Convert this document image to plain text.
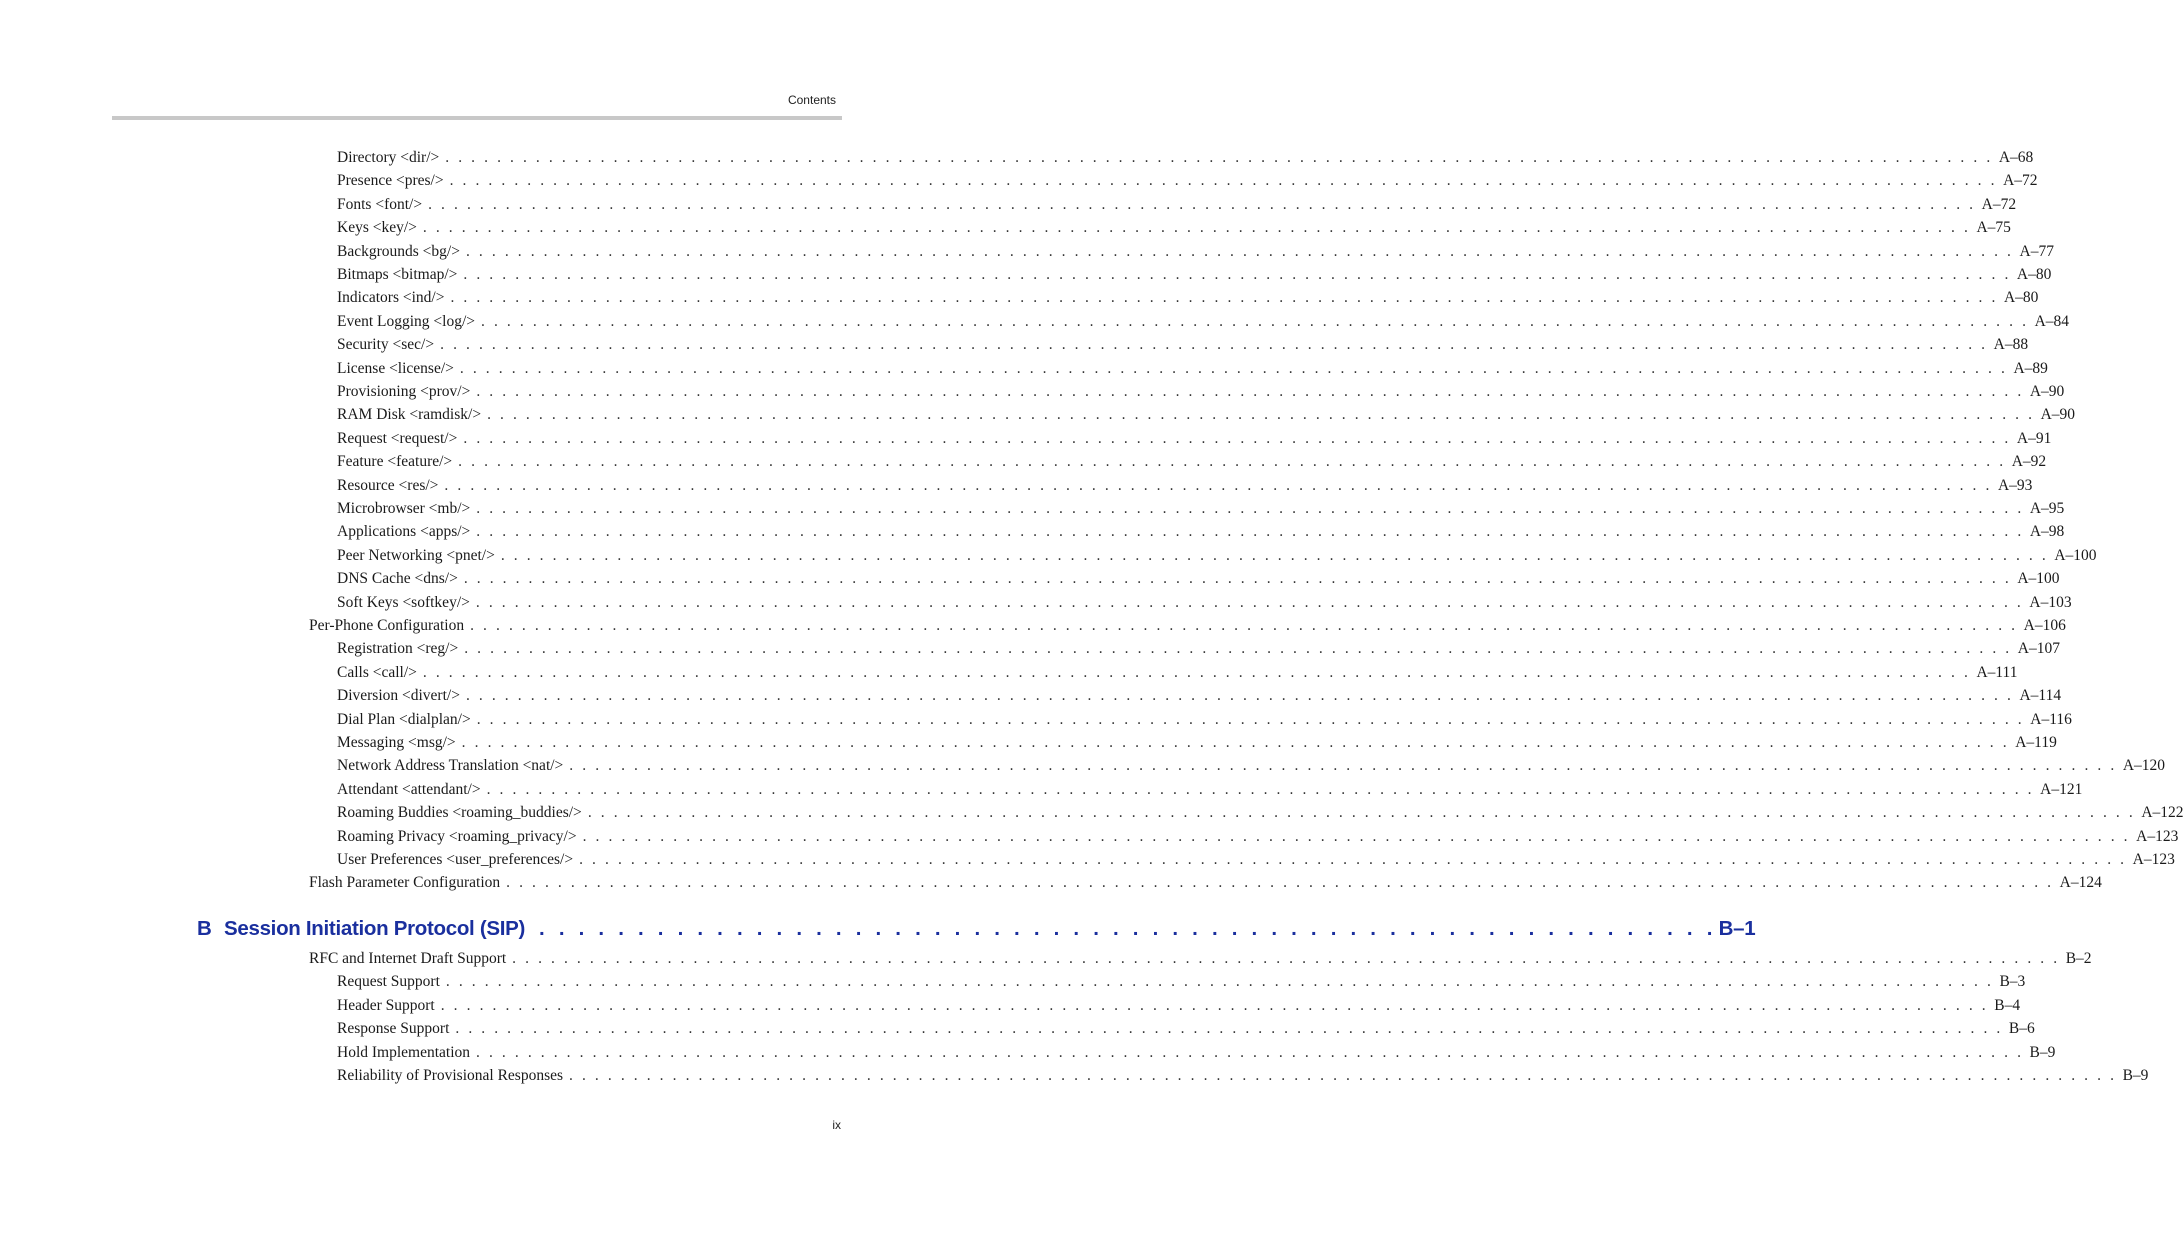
Contents
Directory <dir/> . . . . . . . . . . . . . . . . . . . . . . . . . . . . . . . . . . . . . . . . . . . . . . . . . . . . . . . . . . . . . . . . . . . . . . . . . . . . . . . . . . . . . . . . . . . . . . . . . . . . . . . . . . . . . . . . . . . . . . . . A–68
Presence <pres/> . . . . . . . . . . . . . . . . . . . . . . . . . . . . . . . . . . . . . . . . . . . . . . . . . . . . . . . . . . . . . . . . . . . . . . . . . . . . . . . . . . . . . . . . . . . . . . . . . . . . . . . . . . . . . . . . . . . . . . . . A–72
Fonts <font/> . . . . . . . . . . . . . . . . . . . . . . . . . . . . . . . . . . . . . . . . . . . . . . . . . . . . . . . . . . . . . . . . . . . . . . . . . . . . . . . . . . . . . . . . . . . . . . . . . . . . . . . . . . . . . . . . . . . . . . . . A–72
Keys <key/> . . . . . . . . . . . . . . . . . . . . . . . . . . . . . . . . . . . . . . . . . . . . . . . . . . . . . . . . . . . . . . . . . . . . . . . . . . . . . . . . . . . . . . . . . . . . . . . . . . . . . . . . . . . . . . . . . . . . . . . . A–75
Backgrounds <bg/> . . . . . . . . . . . . . . . . . . . . . . . . . . . . . . . . . . . . . . . . . . . . . . . . . . . . . . . . . . . . . . . . . . . . . . . . . . . . . . . . . . . . . . . . . . . . . . . . . . . . . . . . . . . . . . . . . . . . . . . . A–77
Bitmaps <bitmap/> . . . . . . . . . . . . . . . . . . . . . . . . . . . . . . . . . . . . . . . . . . . . . . . . . . . . . . . . . . . . . . . . . . . . . . . . . . . . . . . . . . . . . . . . . . . . . . . . . . . . . . . . . . . . . . . . . . . . . . . . A–80
Indicators <ind/> . . . . . . . . . . . . . . . . . . . . . . . . . . . . . . . . . . . . . . . . . . . . . . . . . . . . . . . . . . . . . . . . . . . . . . . . . . . . . . . . . . . . . . . . . . . . . . . . . . . . . . . . . . . . . . . . . . . . . . . . A–80
Event Logging <log/> . . . . . . . . . . . . . . . . . . . . . . . . . . . . . . . . . . . . . . . . . . . . . . . . . . . . . . . . . . . . . . . . . . . . . . . . . . . . . . . . . . . . . . . . . . . . . . . . . . . . . . . . . . . . . . . . . . . . . . . . A–84
Security <sec/> . . . . . . . . . . . . . . . . . . . . . . . . . . . . . . . . . . . . . . . . . . . . . . . . . . . . . . . . . . . . . . . . . . . . . . . . . . . . . . . . . . . . . . . . . . . . . . . . . . . . . . . . . . . . . . . . . . . . . . . . A–88
License <license/> . . . . . . . . . . . . . . . . . . . . . . . . . . . . . . . . . . . . . . . . . . . . . . . . . . . . . . . . . . . . . . . . . . . . . . . . . . . . . . . . . . . . . . . . . . . . . . . . . . . . . . . . . . . . . . . . . . . . . . . . A–89
Provisioning <prov/> . . . . . . . . . . . . . . . . . . . . . . . . . . . . . . . . . . . . . . . . . . . . . . . . . . . . . . . . . . . . . . . . . . . . . . . . . . . . . . . . . . . . . . . . . . . . . . . . . . . . . . . . . . . . . . . . . . . . . . . . A–90
RAM Disk <ramdisk/> . . . . . . . . . . . . . . . . . . . . . . . . . . . . . . . . . . . . . . . . . . . . . . . . . . . . . . . . . . . . . . . . . . . . . . . . . . . . . . . . . . . . . . . . . . . . . . . . . . . . . . . . . . . . . . . . . . . . . . . . A–90
Request <request/> . . . . . . . . . . . . . . . . . . . . . . . . . . . . . . . . . . . . . . . . . . . . . . . . . . . . . . . . . . . . . . . . . . . . . . . . . . . . . . . . . . . . . . . . . . . . . . . . . . . . . . . . . . . . . . . . . . . . . . . . A–91
Feature <feature/> . . . . . . . . . . . . . . . . . . . . . . . . . . . . . . . . . . . . . . . . . . . . . . . . . . . . . . . . . . . . . . . . . . . . . . . . . . . . . . . . . . . . . . . . . . . . . . . . . . . . . . . . . . . . . . . . . . . . . . . . A–92
Resource <res/> . . . . . . . . . . . . . . . . . . . . . . . . . . . . . . . . . . . . . . . . . . . . . . . . . . . . . . . . . . . . . . . . . . . . . . . . . . . . . . . . . . . . . . . . . . . . . . . . . . . . . . . . . . . . . . . . . . . . . . . . A–93
Microbrowser <mb/> . . . . . . . . . . . . . . . . . . . . . . . . . . . . . . . . . . . . . . . . . . . . . . . . . . . . . . . . . . . . . . . . . . . . . . . . . . . . . . . . . . . . . . . . . . . . . . . . . . . . . . . . . . . . . . . . . . . . . . . . A–95
Applications <apps/> . . . . . . . . . . . . . . . . . . . . . . . . . . . . . . . . . . . . . . . . . . . . . . . . . . . . . . . . . . . . . . . . . . . . . . . . . . . . . . . . . . . . . . . . . . . . . . . . . . . . . . . . . . . . . . . . . . . . . . . . A–98
Peer Networking <pnet/> . . . . . . . . . . . . . . . . . . . . . . . . . . . . . . . . . . . . . . . . . . . . . . . . . . . . . . . . . . . . . . . . . . . . . . . . . . . . . . . . . . . . . . . . . . . . . . . . . . . . . . . . . . . . . . . . . . . . . . . . A–100
DNS Cache <dns/> . . . . . . . . . . . . . . . . . . . . . . . . . . . . . . . . . . . . . . . . . . . . . . . . . . . . . . . . . . . . . . . . . . . . . . . . . . . . . . . . . . . . . . . . . . . . . . . . . . . . . . . . . . . . . . . . . . . . . . . . A–100
Soft Keys <softkey/> . . . . . . . . . . . . . . . . . . . . . . . . . . . . . . . . . . . . . . . . . . . . . . . . . . . . . . . . . . . . . . . . . . . . . . . . . . . . . . . . . . . . . . . . . . . . . . . . . . . . . . . . . . . . . . . . . . . . . . . . A–103
Per-Phone Configuration . . . . . . . . . . . . . . . . . . . . . . . . . . . . . . . . . . . . . . . . . . . . . . . . . . . . . . . . . . . . . . . . . . . . . . . . . . . . . . . . . . . . . . . . . . . . . . . . . . . . . . . . . . . . . . . . . . . . . . . . A–106
Registration <reg/> . . . . . . . . . . . . . . . . . . . . . . . . . . . . . . . . . . . . . . . . . . . . . . . . . . . . . . . . . . . . . . . . . . . . . . . . . . . . . . . . . . . . . . . . . . . . . . . . . . . . . . . . . . . . . . . . . . . . . . . . A–107
Calls <call/> . . . . . . . . . . . . . . . . . . . . . . . . . . . . . . . . . . . . . . . . . . . . . . . . . . . . . . . . . . . . . . . . . . . . . . . . . . . . . . . . . . . . . . . . . . . . . . . . . . . . . . . . . . . . . . . . . . . . . . . . A–111
Diversion <divert/> . . . . . . . . . . . . . . . . . . . . . . . . . . . . . . . . . . . . . . . . . . . . . . . . . . . . . . . . . . . . . . . . . . . . . . . . . . . . . . . . . . . . . . . . . . . . . . . . . . . . . . . . . . . . . . . . . . . . . . . . A–114
Dial Plan <dialplan/> . . . . . . . . . . . . . . . . . . . . . . . . . . . . . . . . . . . . . . . . . . . . . . . . . . . . . . . . . . . . . . . . . . . . . . . . . . . . . . . . . . . . . . . . . . . . . . . . . . . . . . . . . . . . . . . . . . . . . . . . A–116
Messaging <msg/> . . . . . . . . . . . . . . . . . . . . . . . . . . . . . . . . . . . . . . . . . . . . . . . . . . . . . . . . . . . . . . . . . . . . . . . . . . . . . . . . . . . . . . . . . . . . . . . . . . . . . . . . . . . . . . . . . . . . . . . . A–119
Network Address Translation <nat/> . . . . . . . . . . . . . . . . . . . . . . . . . . . . . . . . . . . . . . . . . . . . . . . . . . . . . . . . . . . . . . . . . . . . . . . . . . . . . . . . . . . . . . . . . . . . . . . . . . . . . . . . . . . . . . . . . . . . . . . . A–120
Attendant <attendant/> . . . . . . . . . . . . . . . . . . . . . . . . . . . . . . . . . . . . . . . . . . . . . . . . . . . . . . . . . . . . . . . . . . . . . . . . . . . . . . . . . . . . . . . . . . . . . . . . . . . . . . . . . . . . . . . . . . . . . . . . A–121
Roaming Buddies <roaming_buddies/> . . . . . . . . . . . . . . . . . . . . . . . . . . . . . . . . . . . . . . . . . . . . . . . . . . . . . . . . . . . . . . . . . . . . . . . . . . . . . . . . . . . . . . . . . . . . . . . . . . . . . . . . . . . . . . . . . . . . . . . . A–122
Roaming Privacy <roaming_privacy/> . . . . . . . . . . . . . . . . . . . . . . . . . . . . . . . . . . . . . . . . . . . . . . . . . . . . . . . . . . . . . . . . . . . . . . . . . . . . . . . . . . . . . . . . . . . . . . . . . . . . . . . . . . . . . . . . . . . . . . . . A–123
User Preferences <user_preferences/> . . . . . . . . . . . . . . . . . . . . . . . . . . . . . . . . . . . . . . . . . . . . . . . . . . . . . . . . . . . . . . . . . . . . . . . . . . . . . . . . . . . . . . . . . . . . . . . . . . . . . . . . . . . . . . . . . . . . . . . . A–123
Flash Parameter Configuration . . . . . . . . . . . . . . . . . . . . . . . . . . . . . . . . . . . . . . . . . . . . . . . . . . . . . . . . . . . . . . . . . . . . . . . . . . . . . . . . . . . . . . . . . . . . . . . . . . . . . . . . . . . . . . . . . . . . . . . . A–124
B Session Initiation Protocol (SIP) . . . . . . . . . . . . . . . . . . . . . . . . . . . . . . . . . . . . . . . . . . . . . . . . . . . . . . . . . . . . B–1
RFC and Internet Draft Support . . . . . . . . . . . . . . . . . . . . . . . . . . . . . . . . . . . . . . . . . . . . . . . . . . . . . . . . . . . . . . . . . . . . . . . . . . . . . . . . . . . . . . . . . . . . . . . . . . . . . . . . . . . . . . . . . . . . . . . . B–2
Request Support . . . . . . . . . . . . . . . . . . . . . . . . . . . . . . . . . . . . . . . . . . . . . . . . . . . . . . . . . . . . . . . . . . . . . . . . . . . . . . . . . . . . . . . . . . . . . . . . . . . . . . . . . . . . . . . . . . . . . . . . B–3
Header Support . . . . . . . . . . . . . . . . . . . . . . . . . . . . . . . . . . . . . . . . . . . . . . . . . . . . . . . . . . . . . . . . . . . . . . . . . . . . . . . . . . . . . . . . . . . . . . . . . . . . . . . . . . . . . . . . . . . . . . . . B–4
Response Support . . . . . . . . . . . . . . . . . . . . . . . . . . . . . . . . . . . . . . . . . . . . . . . . . . . . . . . . . . . . . . . . . . . . . . . . . . . . . . . . . . . . . . . . . . . . . . . . . . . . . . . . . . . . . . . . . . . . . . . . B–6
Hold Implementation . . . . . . . . . . . . . . . . . . . . . . . . . . . . . . . . . . . . . . . . . . . . . . . . . . . . . . . . . . . . . . . . . . . . . . . . . . . . . . . . . . . . . . . . . . . . . . . . . . . . . . . . . . . . . . . . . . . . . . . . B–9
Reliability of Provisional Responses . . . . . . . . . . . . . . . . . . . . . . . . . . . . . . . . . . . . . . . . . . . . . . . . . . . . . . . . . . . . . . . . . . . . . . . . . . . . . . . . . . . . . . . . . . . . . . . . . . . . . . . . . . . . . . . . . . . . . . . . B–9
ix
